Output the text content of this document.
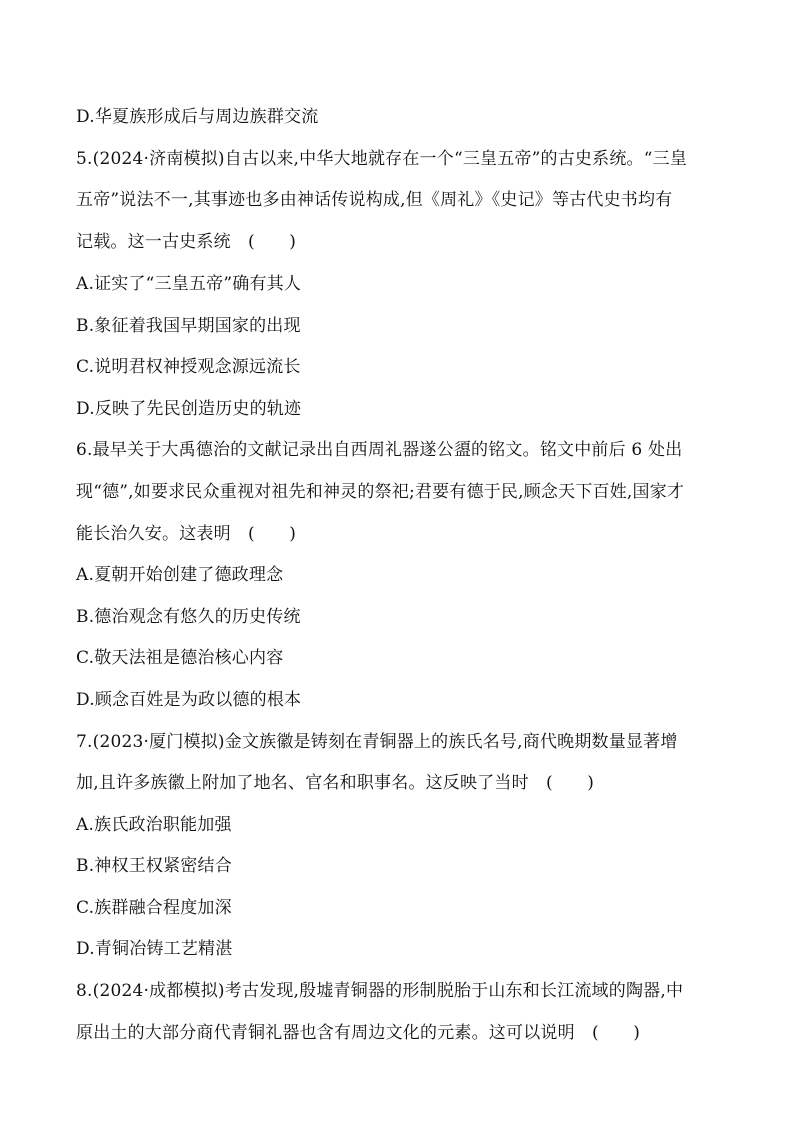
D.华夏族形成后与周边族群交流
5.(2024·济南模拟)自古以来,中华大地就存在一个“三皇五帝”的古史系统。“三皇
五帝”说法不一,其事迹也多由神话传说构成,但《周礼》《史记》等古代史书均有
记载。这一古史系统　(　　)
A.证实了“三皇五帝”确有其人
B.象征着我国早期国家的出现
C.说明君权神授观念源远流长
D.反映了先民创造历史的轨迹
6.最早关于大禹德治的文献记录出自西周礼器遂公盨的铭文。铭文中前后 6 处出
现“德”,如要求民众重视对祖先和神灵的祭祀;君要有德于民,顾念天下百姓,国家才
能长治久安。这表明　(　　)
A.夏朝开始创建了德政理念
B.德治观念有悠久的历史传统
C.敬天法祖是德治核心内容
D.顾念百姓是为政以德的根本
7.(2023·厦门模拟)金文族徽是铸刻在青铜器上的族氏名号,商代晚期数量显著增
加,且许多族徽上附加了地名、官名和职事名。这反映了当时　(　　)
A.族氏政治职能加强
B.神权王权紧密结合
C.族群融合程度加深
D.青铜冶铸工艺精湛
8.(2024·成都模拟)考古发现,殷墟青铜器的形制脱胎于山东和长江流域的陶器,中
原出土的大部分商代青铜礼器也含有周边文化的元素。这可以说明　(　　)
